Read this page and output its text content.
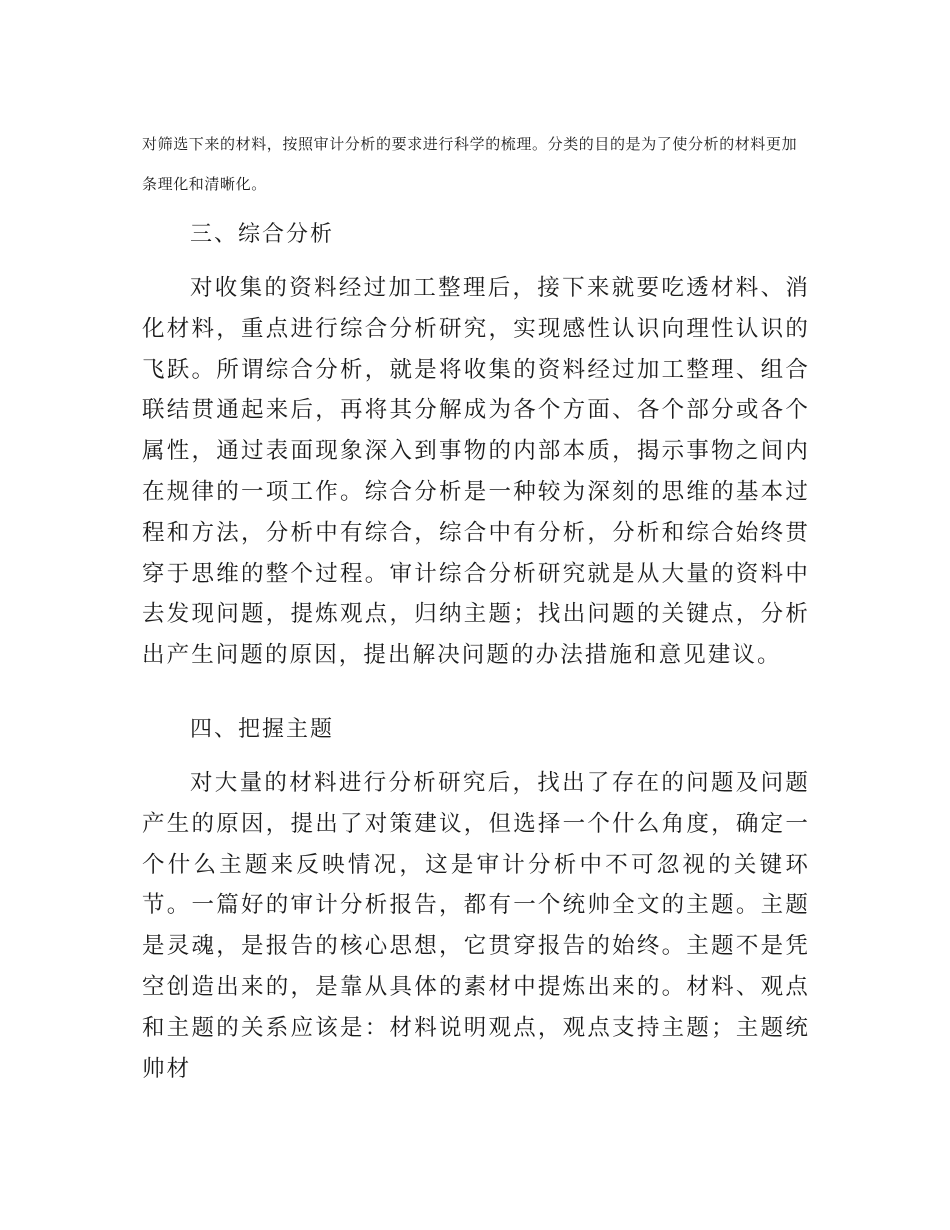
对筛选下来的材料，按照审计分析的要求进行科学的梳理。分类的目的是为了使分析的材料更加条理化和清晰化。

三、综合分析

对收集的资料经过加工整理后，接下来就要吃透材料、消化材料，重点进行综合分析研究，实现感性认识向理性认识的飞跃。所谓综合分析，就是将收集的资料经过加工整理、组合联结贯通起来后，再将其分解成为各个方面、各个部分或各个属性，通过表面现象深入到事物的内部本质，揭示事物之间内在规律的一项工作。综合分析是一种较为深刻的思维的基本过程和方法，分析中有综合，综合中有分析，分析和综合始终贯穿于思维的整个过程。审计综合分析研究就是从大量的资料中去发现问题，提炼观点，归纳主题；找出问题的关键点，分析出产生问题的原因，提出解决问题的办法措施和意见建议。

四、把握主题

对大量的材料进行分析研究后，找出了存在的问题及问题产生的原因，提出了对策建议，但选择一个什么角度，确定一个什么主题来反映情况，这是审计分析中不可忽视的关键环节。一篇好的审计分析报告，都有一个统帅全文的主题。主题是灵魂，是报告的核心思想，它贯穿报告的始终。主题不是凭空创造出来的，是靠从具体的素材中提炼出来的。材料、观点和主题的关系应该是：材料说明观点，观点支持主题；主题统帅材
